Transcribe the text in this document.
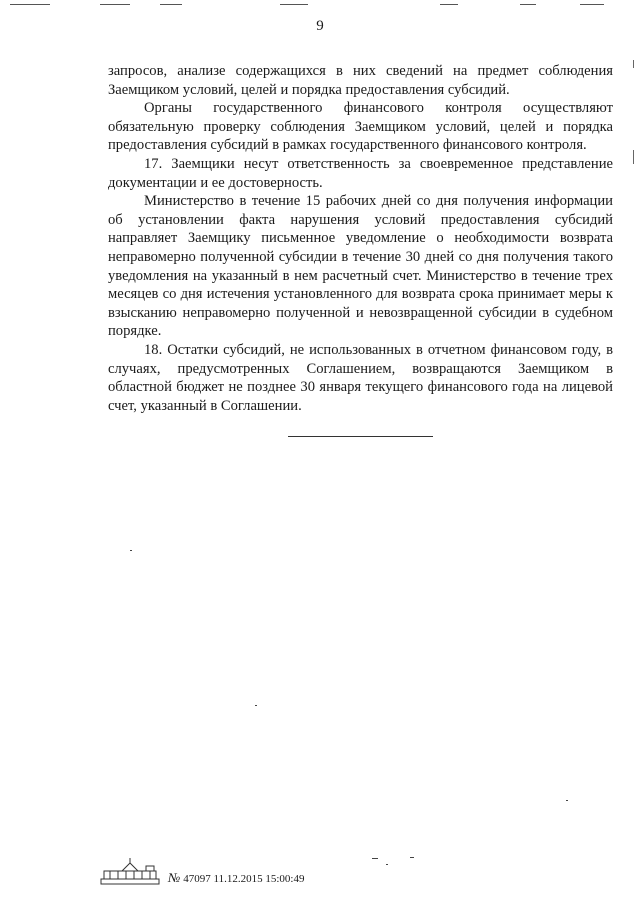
9

запросов, анализе содержащихся в них сведений на предмет соблюдения Заемщиком условий, целей и порядка предоставления субсидий.

Органы государственного финансового контроля осуществляют обязательную проверку соблюдения Заемщиком условий, целей и порядка предоставления субсидий в рамках государственного финансового контроля.

17. Заемщики несут ответственность за своевременное представление документации и ее достоверность.

Министерство в течение 15 рабочих дней со дня получения информации об установлении факта нарушения условий предоставления субсидий направляет Заемщику письменное уведомление о необходимости возврата неправомерно полученной субсидии в течение 30 дней со дня получения такого уведомления на указанный в нем расчетный счет. Министерство в течение трех месяцев со дня истечения установленного для возврата срока принимает меры к взысканию неправомерно полученной и невозвращенной субсидии в судебном порядке.

18. Остатки субсидий, не использованных в отчетном финансовом году, в случаях, предусмотренных Соглашением, возвращаются Заемщиком в областной бюджет не позднее 30 января текущего финансового года на лицевой счет, указанный в Соглашении.

№ 47097 11.12.2015 15:00:49
